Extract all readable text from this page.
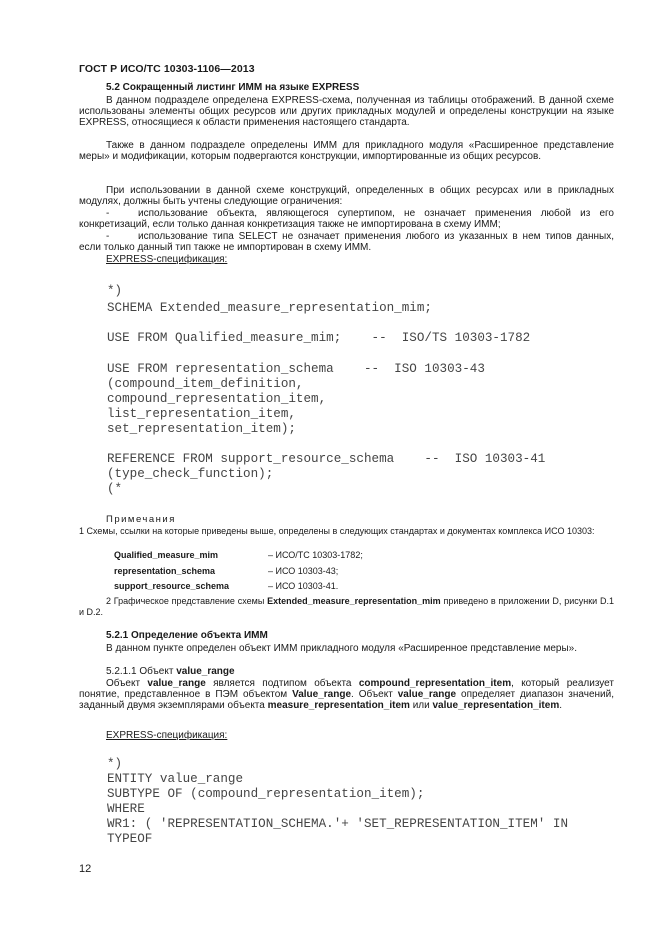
ГОСТ Р ИСО/ТС 10303-1106—2013
5.2 Сокращенный листинг ИММ на языке EXPRESS
В данном подразделе определена EXPRESS-схема, полученная из таблицы отображений. В данной схеме использованы элементы общих ресурсов или других прикладных модулей и определены конструкции на языке EXPRESS, относящиеся к области применения настоящего стандарта.
Также в данном подразделе определены ИММ для прикладного модуля «Расширенное представление меры» и модификации, которым подвергаются конструкции, импортированные из общих ресурсов.
При использовании в данной схеме конструкций, определенных в общих ресурсах или в прикладных модулях, должны быть учтены следующие ограничения:
-	использование объекта, являющегося супертипом, не означает применения любой из его конкретизаций, если только данная конкретизация также не импортирована в схему ИММ;
-	использование типа SELECT не означает применения любого из указанных в нем типов данных, если только данный тип также не импортирован в схему ИММ.
EXPRESS-спецификация:
*)
SCHEMA Extended_measure_representation_mim;
USE FROM Qualified_measure_mim;    --  ISO/TS 10303-1782
USE FROM representation_schema    --  ISO 10303-43
(compound_item_definition,
compound_representation_item,
list_representation_item,
set_representation_item);
REFERENCE FROM support_resource_schema    --  ISO 10303-41
(type_check_function);
(*
Примечания
1 Схемы, ссылки на которые приведены выше, определены в следующих стандартах и документах комплекса ИСО 10303:
Qualified_measure_mim	– ИСО/ТС 10303-1782;
representation_schema	– ИСО 10303-43;
support_resource_schema	– ИСО 10303-41.
2 Графическое представление схемы Extended_measure_representation_mim приведено в приложении D, рисунки D.1 и D.2.
5.2.1 Определение объекта ИММ
В данном пункте определен объект ИММ прикладного модуля «Расширенное представление меры».
5.2.1.1 Объект value_range
Объект value_range является подтипом объекта compound_representation_item, который реализует понятие, представленное в ПЭМ объектом Value_range. Объект value_range определяет диапазон значений, заданный двумя экземплярами объекта measure_representation_item или value_representation_item.
EXPRESS-спецификация:
*)
ENTITY value_range
SUBTYPE OF (compound_representation_item);
WHERE
WR1: ( 'REPRESENTATION_SCHEMA.'+ 'SET_REPRESENTATION_ITEM' IN
TYPEOF
12
